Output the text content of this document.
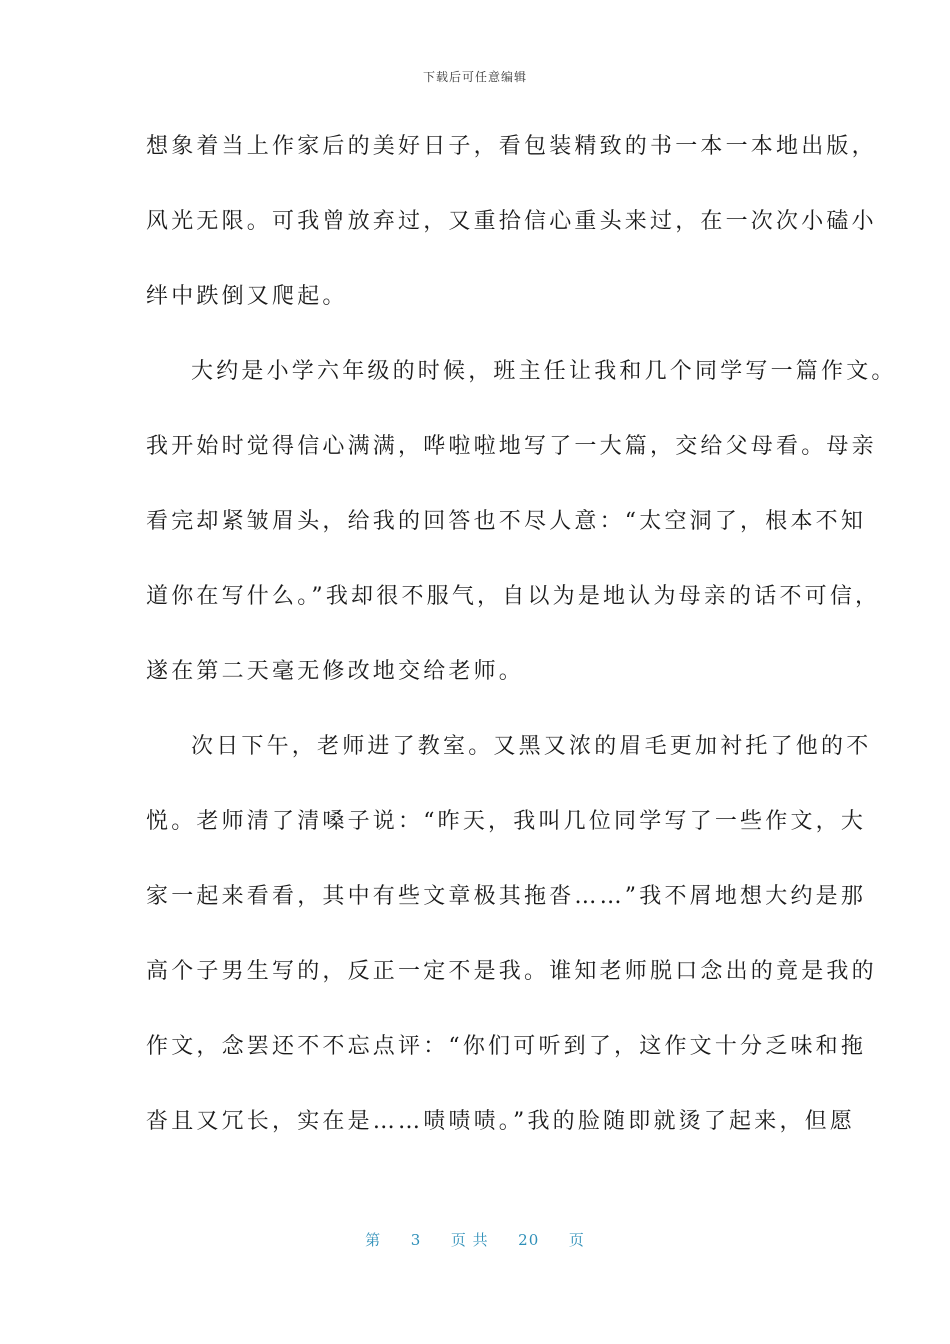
下载后可任意编辑
想象着当上作家后的美好日子，看包装精致的书一本一本地出版，
风光无限。可我曾放弃过，又重拾信心重头来过，在一次次小磕小
绊中跌倒又爬起。
大约是小学六年级的时候，班主任让我和几个同学写一篇作文。
我开始时觉得信心满满，哗啦啦地写了一大篇，交给父母看。母亲
看完却紧皱眉头，给我的回答也不尽人意：“太空洞了，根本不知
道你在写什么。”我却很不服气，自以为是地认为母亲的话不可信，
遂在第二天毫无修改地交给老师。
次日下午，老师进了教室。又黑又浓的眉毛更加衬托了他的不
悦。老师清了清嗓子说：“昨天，我叫几位同学写了一些作文，大
家一起来看看，其中有些文章极其拖沓……”我不屑地想大约是那
高个子男生写的，反正一定不是我。谁知老师脱口念出的竟是我的
作文，念罢还不不忘点评：“你们可听到了，这作文十分乏味和拖
沓且又冗长，实在是……啧啧啧。”我的脸随即就烫了起来，但愿
第 3 页 共 20 页
